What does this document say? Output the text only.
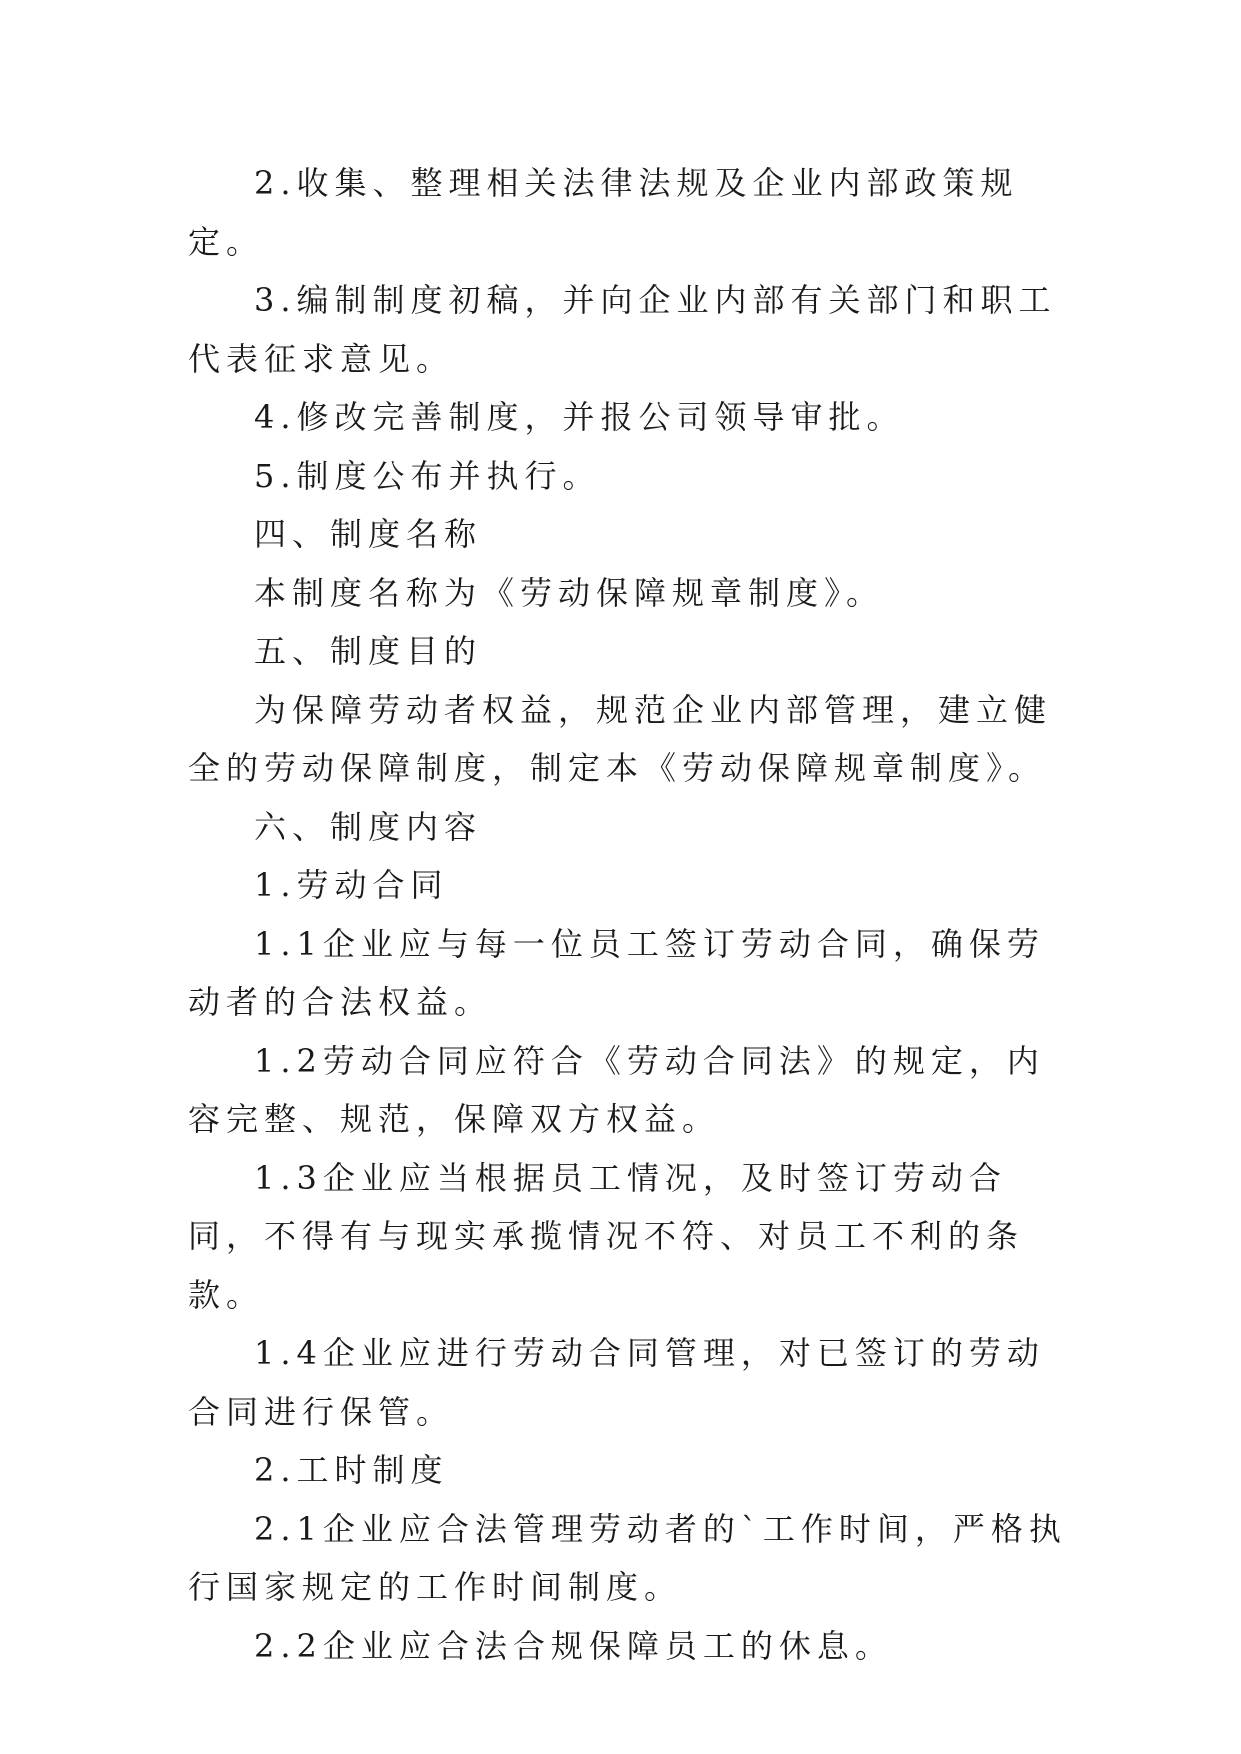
2.收集、整理相关法律法规及企业内部政策规定。

3.编制制度初稿，并向企业内部有关部门和职工代表征求意见。

4.修改完善制度，并报公司领导审批。

5.制度公布并执行。

四、制度名称

本制度名称为《劳动保障规章制度》。

五、制度目的

为保障劳动者权益，规范企业内部管理，建立健全的劳动保障制度，制定本《劳动保障规章制度》。

六、制度内容

1.劳动合同

1.1企业应与每一位员工签订劳动合同，确保劳动者的合法权益。

1.2劳动合同应符合《劳动合同法》的规定，内容完整、规范，保障双方权益。

1.3企业应当根据员工情况，及时签订劳动合同，不得有与现实承揽情况不符、对员工不利的条款。

1.4企业应进行劳动合同管理，对已签订的劳动合同进行保管。

2.工时制度

2.1企业应合法管理劳动者的`工作时间，严格执行国家规定的工作时间制度。

2.2企业应合法合规保障员工的休息。
